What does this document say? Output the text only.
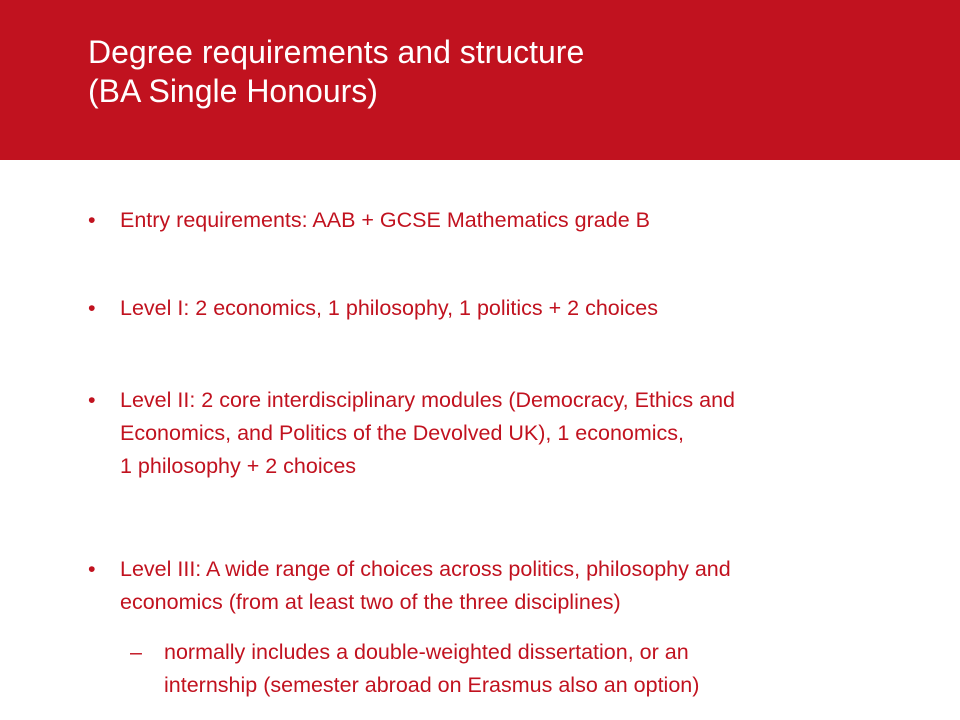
Degree requirements and structure
(BA Single Honours)
• Entry requirements: AAB + GCSE Mathematics grade B
• Level I: 2 economics, 1 philosophy, 1 politics + 2 choices
• Level II: 2 core interdisciplinary modules (Democracy, Ethics and
Economics, and Politics of the Devolved UK), 1 economics,
1 philosophy + 2 choices
• Level III: A wide range of choices across politics, philosophy and
economics (from at least two of the three disciplines)
– normally includes a double-weighted dissertation, or an
internship (semester abroad on Erasmus also an option)
